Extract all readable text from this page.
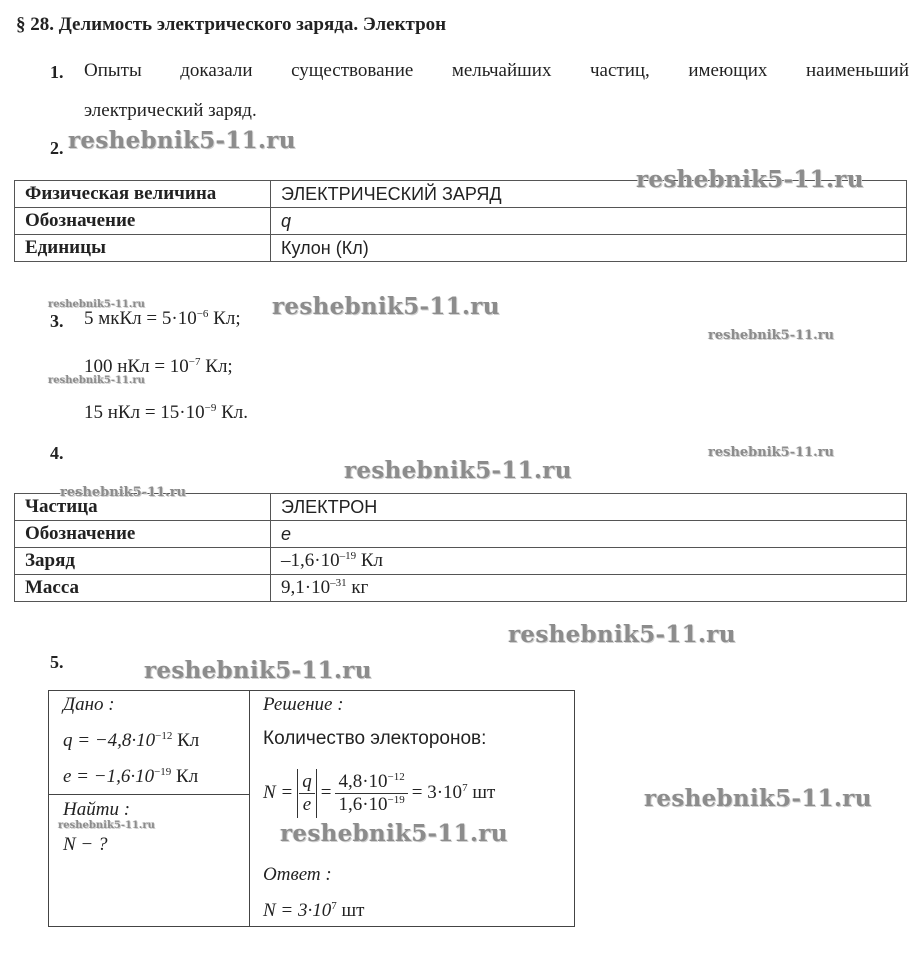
§ 28. Делимость электрического заряда. Электрон
1. Опыты доказали существование мельчайших частиц, имеющих наименьший
электрический заряд.
2.
Физическая величина	ЭЛЕКТРИЧЕСКИЙ ЗАРЯД
Обозначение	q
Единицы	Кулон (Кл)
3. 5 мкКл = $5\cdot 10^{-6}$ Кл;
100 нКл = $10^{-7}$ Кл;
15 нКл = $15\cdot 10^{-9}$ Кл.
4.
Частица	ЭЛЕКТРОН
Обозначение	e
Заряд	$-1,6\cdot 10^{-19}$ Кл
Масса	$9,1\cdot 10^{-31}$ кг
5.
Дано :
$q = -4,8\cdot 10^{-12}$ Кл
$e = -1,6\cdot 10^{-19}$ Кл
Найти :
N − ?
Решение :
Количество электоронов:
$N = \frac{q}{e} = \frac{4,8\cdot 10^{-12}}{1,6\cdot 10^{-19}} = 3\cdot 10^7$ шт
Ответ :
$N = 3\cdot 10^7$ шт
reshebnik5-11.ru
reshebnik5-11.ru
reshebnik5-11.ru	reshebnik5-11.ru
reshebnik5-11.ru
reshebnik5-11.ru
reshebnik5-11.ru
reshebnik5-11.ru
reshebnik5-11.ru
reshebnik5-11.ru
reshebnik5-11.ru
reshebnik5-11.ru
reshebnik5-11.ru	reshebnik5-11.ru
